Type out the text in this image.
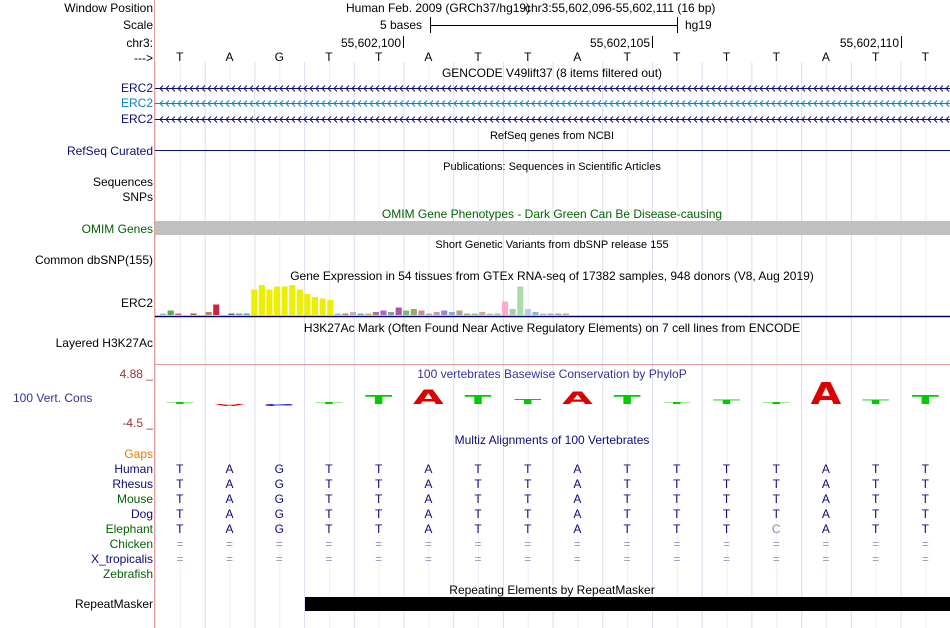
T A G T T A T T A T T T T A T T
Window Position
Scale
chr3:
--->
Human Feb. 2009 (GRCh37/hg19)
chr3:55,602,096-55,602,111 (16 bp)
5 bases	hg19
55,602,100	55,602,105	55,602,110
T	A	G	T	T	A	T	T	A	T	T	T	T	A	T	T
GENCODE V49lift37 (8 items filtered out)
ERC2
ERC2
ERC2
RefSeq genes from NCBI
RefSeq Curated
Publications: Sequences in Scientific Articles
Sequences
SNPs
OMIM Gene Phenotypes - Dark Green Can Be Disease-causing
OMIM Genes
Short Genetic Variants from dbSNP release 155
Common dbSNP(155)
Gene Expression in 54 tissues from GTEx RNA-seq of 17382 samples, 948 donors (V8, Aug 2019)
ERC2
H3K27Ac Mark (Often Found Near Active Regulatory Elements) on 7 cell lines from ENCODE
Layered H3K27Ac
100 vertebrates Basewise Conservation by PhyloP
4.88 _
100 Vert. Cons
-4.5 _
Multiz Alignments of 100 Vertebrates
Gaps
Human	T	A	G	T	T	A	T	T	A	T	T	T	T	A	T	T
Rhesus	T	A	G	T	T	A	T	T	A	T	T	T	T	A	T	T
Mouse	T	A	G	T	T	A	T	T	A	T	T	T	T	A	T	T
Dog	T	A	G	T	T	A	T	T	A	T	T	T	T	A	T	T
Elephant	T	A	G	T	T	A	T	T	A	T	T	T	C	A	T	T
Chicken	=	=	=	=	=	=	=	=	=	=	=	=	=	=	=	=
X_tropicalis	=	=	=	=	=	=	=	=	=	=	=	=	=	=	=	=
Zebrafish
Repeating Elements by RepeatMasker
RepeatMasker
